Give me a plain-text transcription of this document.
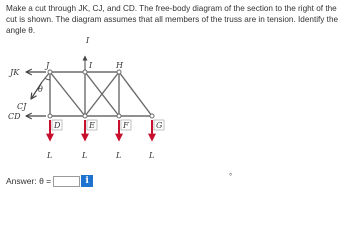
Make a cut through JK, CJ, and CD. The free-body diagram of the section to the right of the cut is shown. The diagram assumes that all members of the truss are in tension. Identify the angle θ.

JK
CJ
CD
I
θ
J	I	H
D	E	F	G
L	L	L	L
Answer: θ =	i	°
